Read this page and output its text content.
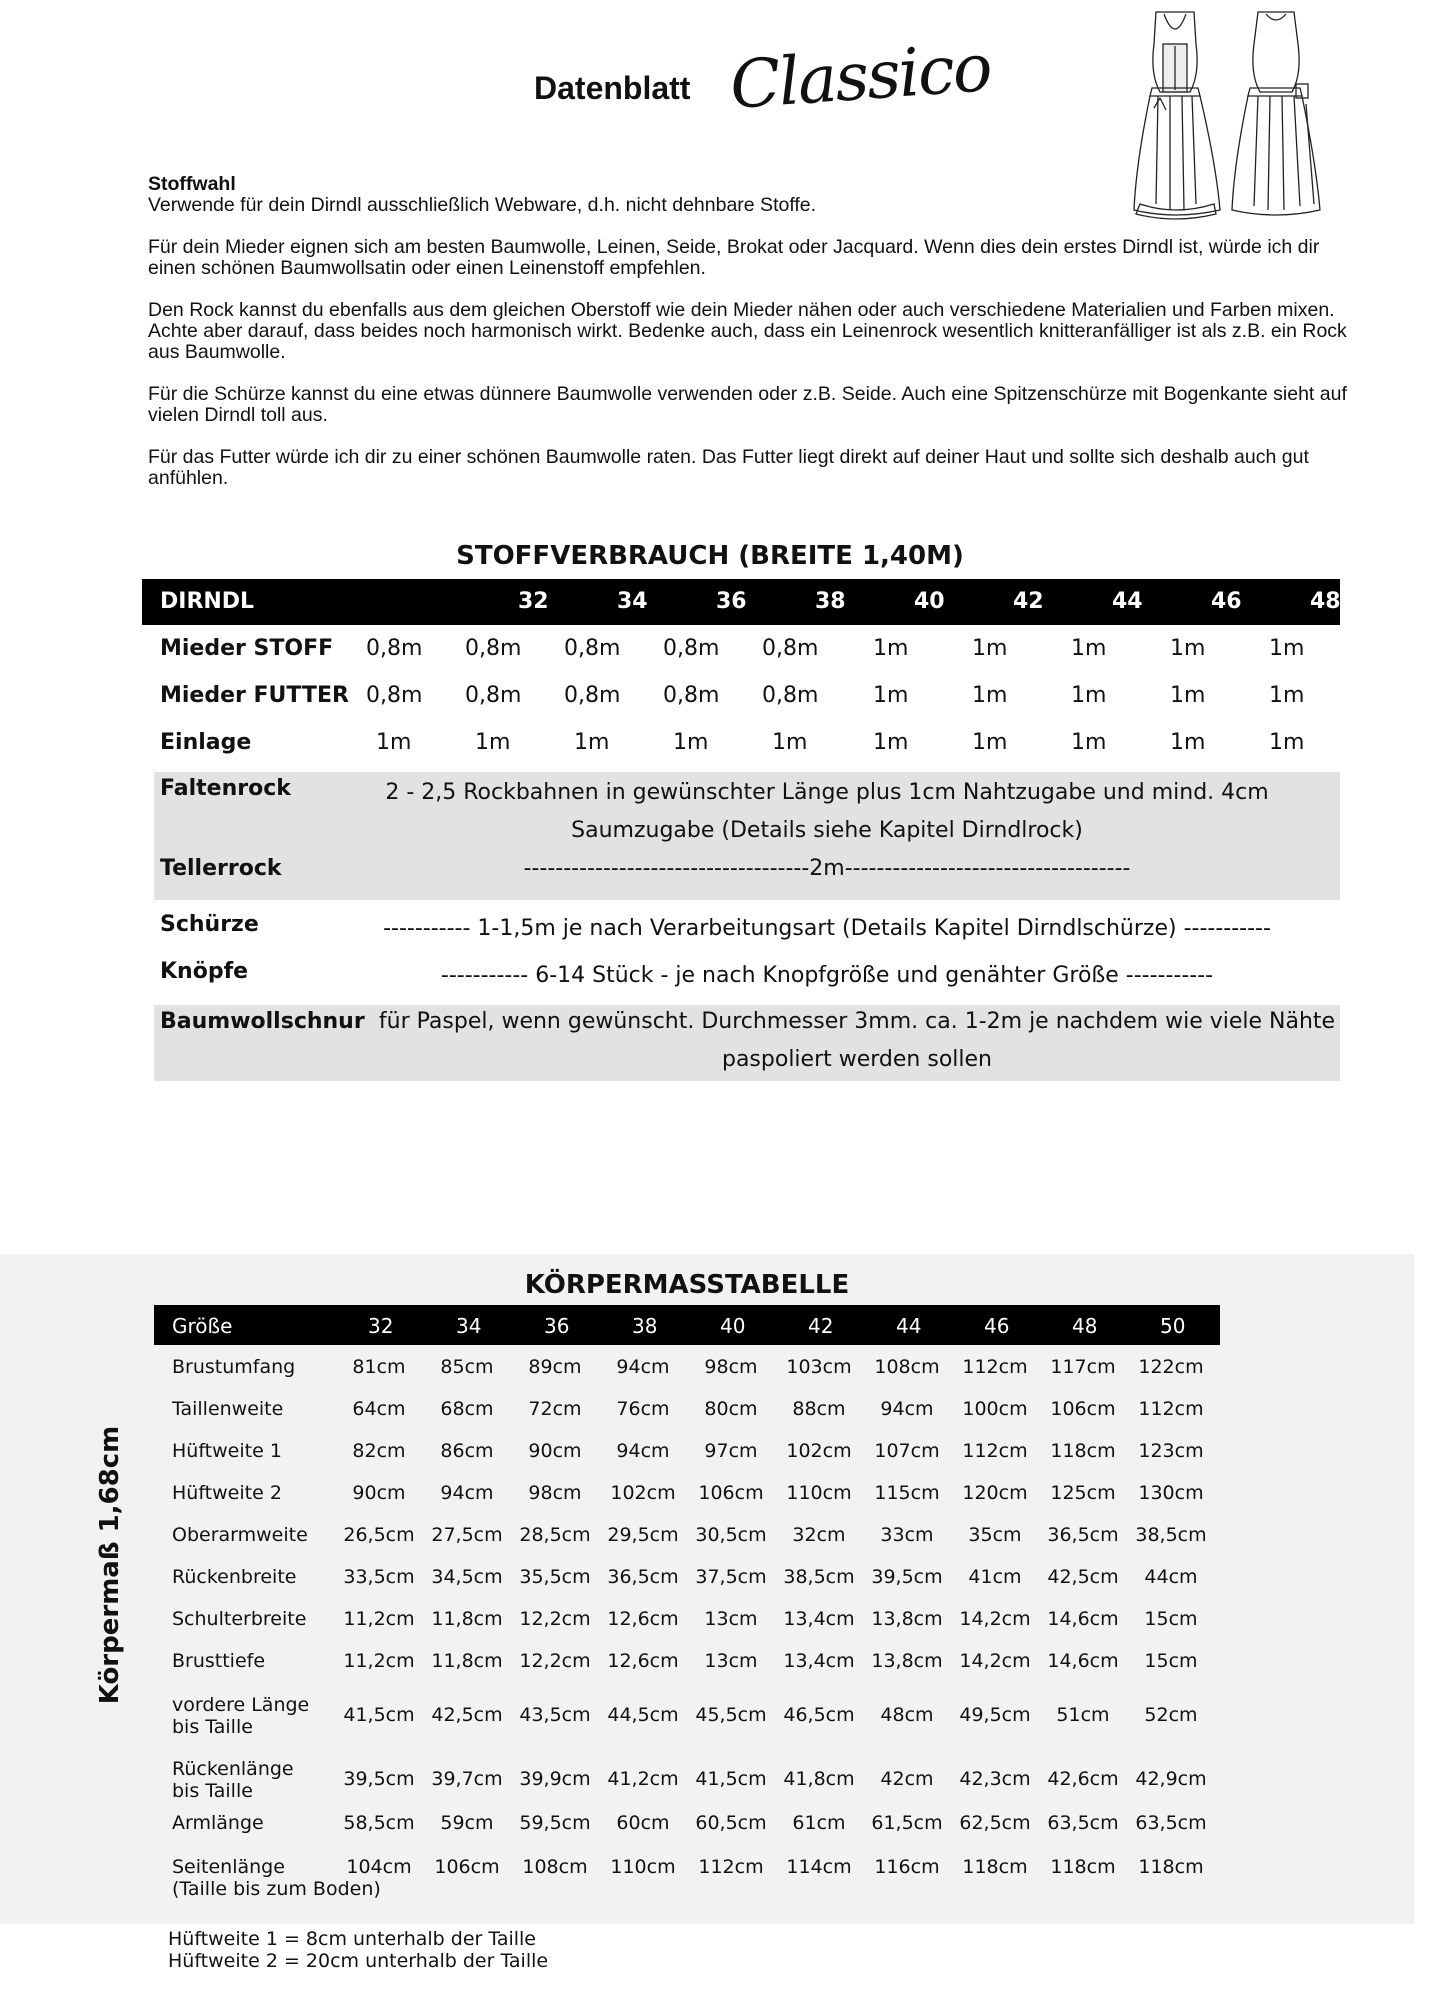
Datenblatt Classico

Stoffwahl
Verwende für dein Dirndl ausschließlich Webware, d.h. nicht dehnbare Stoffe.

Für dein Mieder eignen sich am besten Baumwolle, Leinen, Seide, Brokat oder Jacquard. Wenn dies dein erstes Dirndl ist, würde ich dir einen schönen Baumwollsatin oder einen Leinenstoff empfehlen.

Den Rock kannst du ebenfalls aus dem gleichen Oberstoff wie dein Mieder nähen oder auch verschiedene Materialien und Farben mixen. Achte aber darauf, dass beides noch harmonisch wirkt. Bedenke auch, dass ein Leinenrock wesentlich knitteranfälliger ist als z.B. ein Rock aus Baumwolle.

Für die Schürze kannst du eine etwas dünnere Baumwolle verwenden oder z.B. Seide. Auch eine Spitzenschürze mit Bogenkante sieht auf vielen Dirndl toll aus.

Für das Futter würde ich dir zu einer schönen Baumwolle raten. Das Futter liegt direkt auf deiner Haut und sollte sich deshalb auch gut anfühlen.

STOFFVERBRAUCH (BREITE 1,40M)
DIRNDL	32	34	36	38	40	42	44	46	48	50
Mieder STOFF 0,8m 0,8m 0,8m 0,8m 0,8m 1m	1m	1m	1m	1m
Mieder FUTTER 0,8m 0,8m 0,8m 0,8m 0,8m 1m	1m	1m	1m	1m
Einlage	1m	1m	1m	1m	1m	1m	1m	1m	1m	1m
Faltenrock	2 - 2,5 Rockbahnen in gewünschter Länge plus 1cm Nahtzugabe und mind. 4cm
Saumzugabe (Details siehe Kapitel Dirndlrock)
Tellerrock	------------------------------------2m------------------------------------
Schürze	----------- 1-1,5m je nach Verarbeitungsart (Details Kapitel Dirndlschürze) -----------
Knöpfe	----------- 6-14 Stück - je nach Knopfgröße und genähter Größe -----------
Baumwollschnur für Paspel, wenn gewünscht. Durchmesser 3mm. ca. 1-2m je nachdem wie viele Nähte
paspoliert werden sollen
KÖRPERMASSTABELLE
Körpermaß 1,68cm
Größe	32	34	36	38	40	42	44	46	48	50
Brustumfang	81cm	85cm	89cm	94cm	98cm	103cm	108cm	112cm	117cm	122cm
Taillenweite	64cm	68cm	72cm	76cm	80cm	88cm	94cm	100cm	106cm	112cm
Hüftweite 1	82cm	86cm	90cm	94cm	97cm	102cm	107cm	112cm	118cm	123cm
Hüftweite 2	90cm	94cm	98cm	102cm	106cm	110cm	115cm	120cm	125cm	130cm
Oberarmweite	26,5cm 27,5cm 28,5cm 29,5cm 30,5cm	32cm	33cm	35cm	36,5cm 38,5cm
Rückenbreite	33,5cm 34,5cm 35,5cm 36,5cm 37,5cm 38,5cm 39,5cm	41cm	42,5cm	44cm
Schulterbreite	11,2cm 11,8cm 12,2cm 12,6cm	13cm	13,4cm 13,8cm 14,2cm 14,6cm	15cm
Brusttiefe	11,2cm 11,8cm 12,2cm 12,6cm	13cm	13,4cm 13,8cm 14,2cm 14,6cm	15cm
vordere Länge
bis Taille
41,5cm 42,5cm 43,5cm 44,5cm 45,5cm 46,5cm	48cm	49,5cm	51cm	52cm
Rückenlänge
bis Taille
39,5cm 39,7cm 39,9cm 41,2cm 41,5cm 41,8cm	42cm	42,3cm 42,6cm 42,9cm
Armlänge	58,5cm	59cm	59,5cm	60cm	60,5cm	61cm	61,5cm 62,5cm 63,5cm 63,5cm
Seitenlänge
(Taille bis zum Boden)
104cm	106cm	108cm	110cm	112cm	114cm	116cm	118cm	118cm	118cm
Hüftweite 1 = 8cm unterhalb der Taille
Hüftweite 2 = 20cm unterhalb der Taille
